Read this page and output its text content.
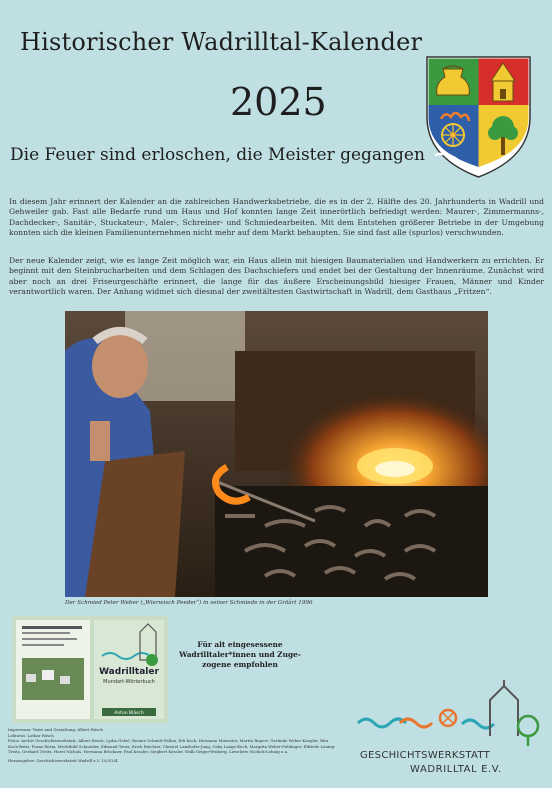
Historischer Wadrilltal-Kalender
2025
Die Feuer sind erloschen, die Meister gegangen
In diesem Jahr erinnert der Kalender an die zahlreichen Handwerksbetriebe, die es in der 2. Hälfte des 20. Jahrhunderts in Wadrill und Gehweiler gab. Fast alle Bedarfe rund um Haus und Hof konnten lange Zeit innerörtlich befriedigt werden: Maurer-, Zimmermanns-, Dachdecker-, Sanitär-, Stuckateur-, Maler-, Schreiner- und Schmiedearbeiten. Mit dem Entstehen größerer Betriebe in der Umgebung konnten sich die kleinen Familienunternehmen nicht mehr auf dem Markt behaupten. Sie sind fast alle (spurlos) verschwunden.
Der neue Kalender zeigt, wie es lange Zeit möglich war, ein Haus allein mit hiesigen Baumaterialien und Handwerkern zu errichten. Er beginnt mit den Steinbrucharbeiten und dem Schlagen des Dachschiefers und endet bei der Gestaltung der Innenräume. Zunächst wird aber noch an drei Friseurgeschäfte erinnert, die lange für das äußere Erscheinungsbild hiesiger Frauen, Männer und Kinder verantwortlich waren. Der Anhang widmet sich diesmal der zweitältesten Gastwirtschaft in Wadrill, dem Gasthaus „Fritzen“.
Der Schmied Peter Weber („Wierwisch Peeder“) in seiner Schmiede in der Gräârt 1996
Wadrilltaler
Mundart-Wörterbuch
Anton Bläsch
Für alt eingesessene
Wadrilltaler*innen und Zuge-
zogene empfohlen
Impressum: Texte und Gestaltung: Albert Rösch
Lektorat: Lothar Rösch
Fotos: Archiv Geschichtswerkstatt, Albert Rösch, Lydia Gebel, Renate Schmitt-Fallon, Edi Koch, Hermann Muenster, Martin Rupert, Gerlinde Weber-Kaegler, Rita Koch-Beitz, Franz Rörm, Mechthild Schneider, Edmund Teutz, Erich Reichter, Christel Lanzhofer-Jung, Gaby Lange-Koch, Margitta Weber-Fuhlinger, Elfriede Lönnig-Treitz, Gerhard Treitz, Horst Nichols, Hermann Brückner, Paul Kessler, Siegbert Kessler, Walli Geiger-Weiberg, Lieselotte Nichols-Lehnig u.a.
Herausgeber: Geschichtswerkstatt Wadrill e.V. 10/2024	GESCHICHTSWERKSTATT
WADRILLTAL E.V.
